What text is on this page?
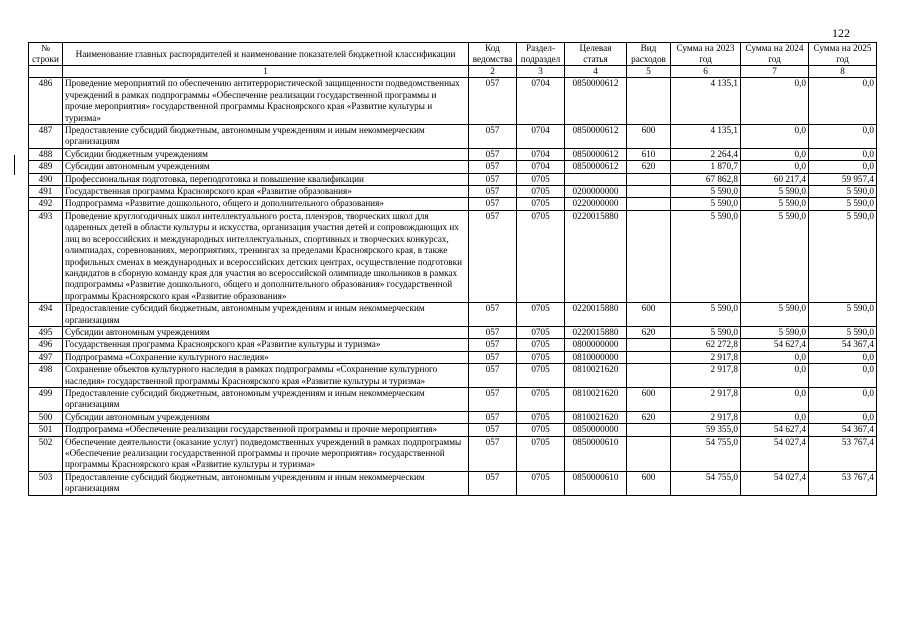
122
№ строки	Наименование главных распорядителей и наименование показателей бюджетной классификации	Код ведомства	Раздел-подраздел	Целевая статья	Вид расходов	Сумма на 2023 год	Сумма на 2024 год	Сумма на 2025 год
	1	2	3	4	5	6	7	8
486	Проведение мероприятий по обеспечению антитеррористической защищенности подведомственных учреждений в рамках подпрограммы «Обеспечение реализации государственной программы и прочие мероприятия» государственной программы Красноярского края «Развитие культуры и туризма»	057	0704	0850000612		4 135,1	0,0	0,0
487	Предоставление субсидий бюджетным, автономным учреждениям и иным некоммерческим организациям	057	0704	0850000612	600	4 135,1	0,0	0,0
488	Субсидии бюджетным учреждениям	057	0704	0850000612	610	2 264,4	0,0	0,0
489	Субсидии автономным учреждениям	057	0704	0850000612	620	1 870,7	0,0	0,0
490	Профессиональная подготовка, переподготовка и повышение квалификации	057	0705			67 862,8	60 217,4	59 957,4
491	Государственная программа Красноярского края «Развитие образования»	057	0705	0200000000		5 590,0	5 590,0	5 590,0
492	Подпрограмма «Развитие дошкольного, общего и дополнительного образования»	057	0705	0220000000		5 590,0	5 590,0	5 590,0
493	Проведение круглогодичных школ интеллектуального роста, пленэров, творческих школ для одаренных детей в области культуры и искусства, организация участия детей и сопровождающих их лиц во всероссийских и международных интеллектуальных, спортивных и творческих конкурсах, олимпиадах, соревнованиях, мероприятиях, тренингах за пределами Красноярского края, в также профильных сменах в международных и всероссийских детских центрах, осуществление подготовки кандидатов в сборную команду края для участия во всероссийской олимпиаде школьников в рамках подпрограммы «Развитие дошкольного, общего и дополнительного образования» государственной программы Красноярского края «Развитие образования»	057	0705	0220015880		5 590,0	5 590,0	5 590,0
494	Предоставление субсидий бюджетным, автономным учреждениям и иным некоммерческим организациям	057	0705	0220015880	600	5 590,0	5 590,0	5 590,0
495	Субсидии автономным учреждениям	057	0705	0220015880	620	5 590,0	5 590,0	5 590,0
496	Государственная программа Красноярского края «Развитие культуры и туризма»	057	0705	0800000000		62 272,8	54 627,4	54 367,4
497	Подпрограмма «Сохранение культурного наследия»	057	0705	0810000000		2 917,8	0,0	0,0
498	Сохранение объектов культурного наследия в рамках подпрограммы «Сохранение культурного наследия» государственной программы Красноярского края «Развитие культуры и туризма»	057	0705	0810021620		2 917,8	0,0	0,0
499	Предоставление субсидий бюджетным, автономным учреждениям и иным некоммерческим организациям	057	0705	0810021620	600	2 917,8	0,0	0,0
500	Субсидии автономным учреждениям	057	0705	0810021620	620	2 917,8	0,0	0,0
501	Подпрограмма «Обеспечение реализации государственной программы и прочие мероприятия»	057	0705	0850000000		59 355,0	54 627,4	54 367,4
502	Обеспечение деятельности (оказание услуг) подведомственных учреждений в рамках подпрограммы «Обеспечение реализации государственной программы и прочие мероприятия» государственной программы Красноярского края «Развитие культуры и туризма»	057	0705	0850000610		54 755,0	54 027,4	53 767,4
503	Предоставление субсидий бюджетным, автономным учреждениям и иным некоммерческим организациям	057	0705	0850000610	600	54 755,0	54 027,4	53 767,4
